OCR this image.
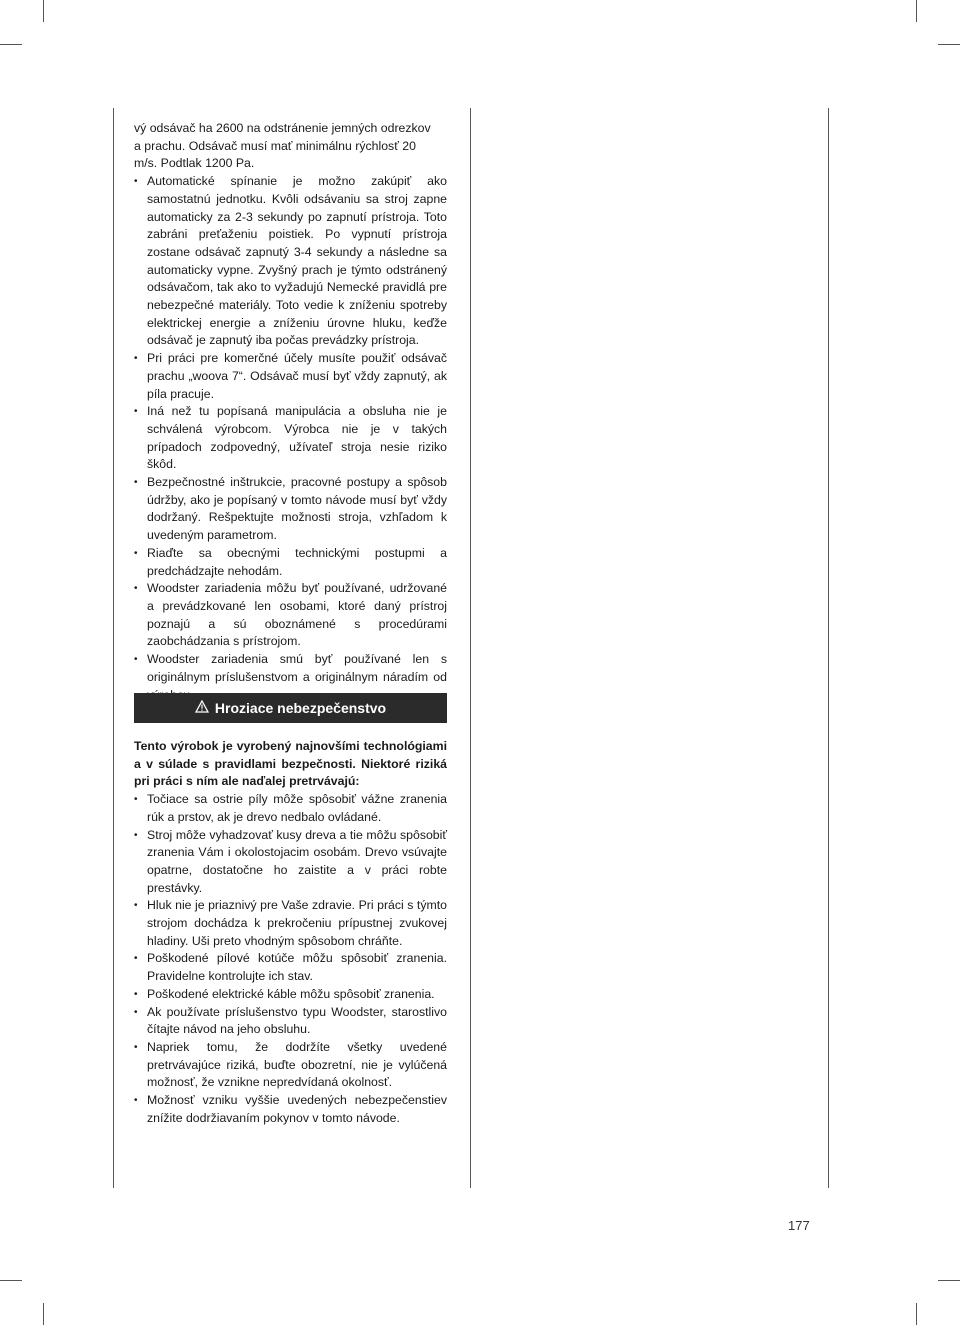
vý odsávač ha 2600 na odstránenie jemných odrezkov
a prachu. Odsávač musí mať minimálnu rýchlosť 20
m/s. Podtlak 1200 Pa.
• Automatické spínanie je možno zakúpiť ako samostatnú jednotku. Kvôli odsávaniu sa stroj zapne automaticky za 2-3 sekundy po zapnutí prístroja. Toto zabráni preťaženiu poistiek. Po vypnutí prístroja zostane odsávač zapnutý 3-4 sekundy a následne sa automaticky vypne. Zvyšný prach je týmto odstránený odsávačom, tak ako to vyžadujú Nemecké pravidlá pre nebezpečné materiály. Toto vedie k zníženiu spotreby elektrickej energie a zníženiu úrovne hluku, keďže odsávač je zapnutý iba počas prevádzky prístroja.
• Pri práci pre komerčné účely musíte použiť odsávač prachu „woova 7“. Odsávač musí byť vždy zapnutý, ak píla pracuje.
• Iná než tu popísaná manipulácia a obsluha nie je schválená výrobcom. Výrobca nie je v takých prípadoch zodpovedný, užívateľ stroja nesie riziko škôd.
• Bezpečnostné inštrukcie, pracovné postupy a spôsob údržby, ako je popísaný v tomto návode musí byť vždy dodržaný. Rešpektujte možnosti stroja, vzhľadom k uvedeným parametrom.
• Riaďte sa obecnými technickými postupmi a predchádzajte nehodám.
• Woodster zariadenia môžu byť používané, udržované a prevádzkované len osobami, ktoré daný prístroj poznajú a sú oboznámené s procedúrami zaobchádzania s prístrojom.
• Woodster zariadenia smú byť používané len s originálnym príslušenstvom a originálnym náradím od
Hroziace nebezpečenstvo
Tento výrobok je vyrobený najnovšími technológiami a v súlade s pravidlami bezpečnosti. Niektoré riziká pri práci s ním ale naďalej pretrvávajú:
• Točiace sa ostrie píly môže spôsobiť vážne zranenia rúk a prstov, ak je drevo nedbalo ovládané.
• Stroj môže vyhadzovať kusy dreva a tie môžu spôsobiť zranenia Vám i okolostojacim osobám. Drevo vsúvajte opatrne, dostatočne ho zaistite a v práci robte prestávky.
• Hluk nie je priaznivý pre Vaše zdravie. Pri práci s týmto strojom dochádza k prekročeniu prípustnej zvukovej hladiny. Uši preto vhodným spôsobom chráňte.
• Poškodené pílové kotúče môžu spôsobiť zranenia. Pravidelne kontrolujte ich stav.
• Poškodené elektrické káble môžu spôsobiť zranenia.
• Ak používate príslušenstvo typu Woodster, starostlivo čítajte návod na jeho obsluhu.
• Napriek tomu, že dodržíte všetky uvedené pretrvávajúce riziká, buďte obozretní, nie je vylúčená možnosť, že vznikne nepredvídaná okolnosť.
• Možnosť vzniku vyššie uvedených nebezpečenstiev znížite dodržiavaním pokynov v tomto návode.
177
